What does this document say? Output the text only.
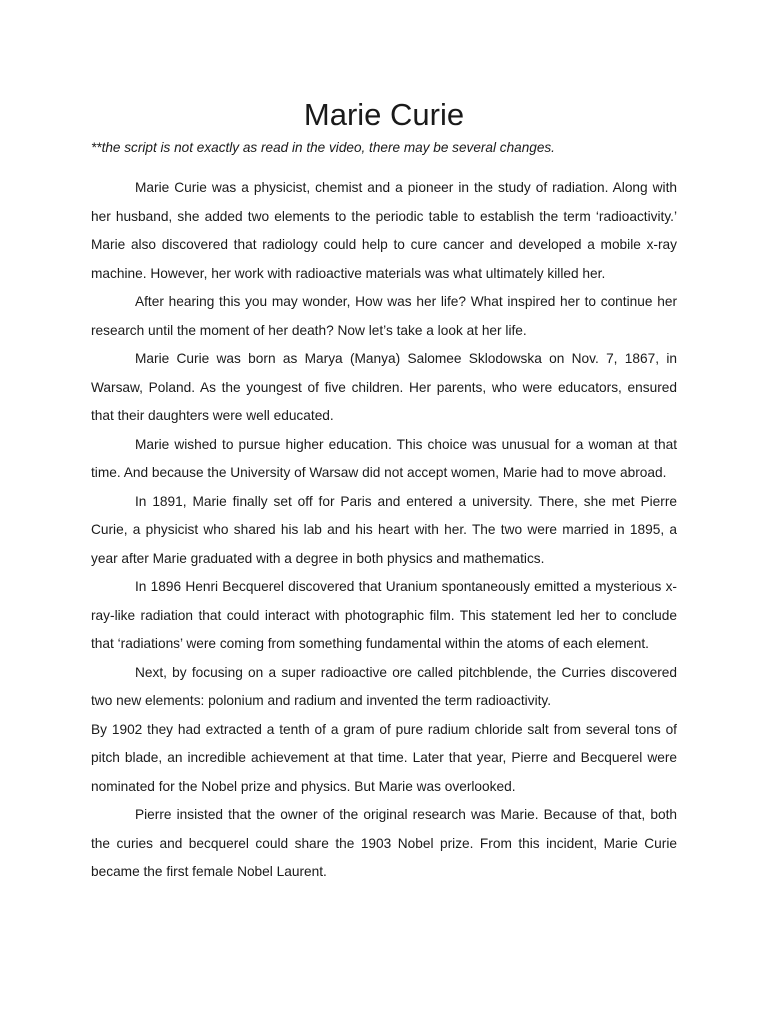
Marie Curie

**the script is not exactly as read in the video, there may be several changes.

Marie Curie was a physicist, chemist and a pioneer in the study of radiation. Along with her husband, she added two elements to the periodic table to establish the term ‘radioactivity.’ Marie also discovered that radiology could help to cure cancer and developed a mobile x-ray machine. However, her work with radioactive materials was what ultimately killed her.

After hearing this you may wonder, How was her life? What inspired her to continue her research until the moment of her death? Now let’s take a look at her life.

Marie Curie was born as Marya (Manya) Salomee Sklodowska on Nov. 7, 1867, in Warsaw, Poland. As the youngest of five children. Her parents, who were educators, ensured that their daughters were well educated.

Marie wished to pursue higher education. This choice was unusual for a woman at that time. And because the University of Warsaw did not accept women, Marie had to move abroad.

In 1891, Marie finally set off for Paris and entered a university. There, she met Pierre Curie, a physicist who shared his lab and his heart with her. The two were married in 1895, a year after Marie graduated with a degree in both physics and mathematics.

In 1896 Henri Becquerel discovered that Uranium spontaneously emitted a mysterious x-ray-like radiation that could interact with photographic film. This statement led her to conclude that ‘radiations’ were coming from something fundamental within the atoms of each element.

Next, by focusing on a super radioactive ore called pitchblende, the Curries discovered two new elements: polonium and radium and invented the term radioactivity.

By 1902 they had extracted a tenth of a gram of pure radium chloride salt from several tons of pitch blade, an incredible achievement at that time. Later that year, Pierre and Becquerel were nominated for the Nobel prize and physics. But Marie was overlooked.

Pierre insisted that the owner of the original research was Marie. Because of that, both the curies and becquerel could share the 1903 Nobel prize. From this incident, Marie Curie became the first female Nobel Laurent.
